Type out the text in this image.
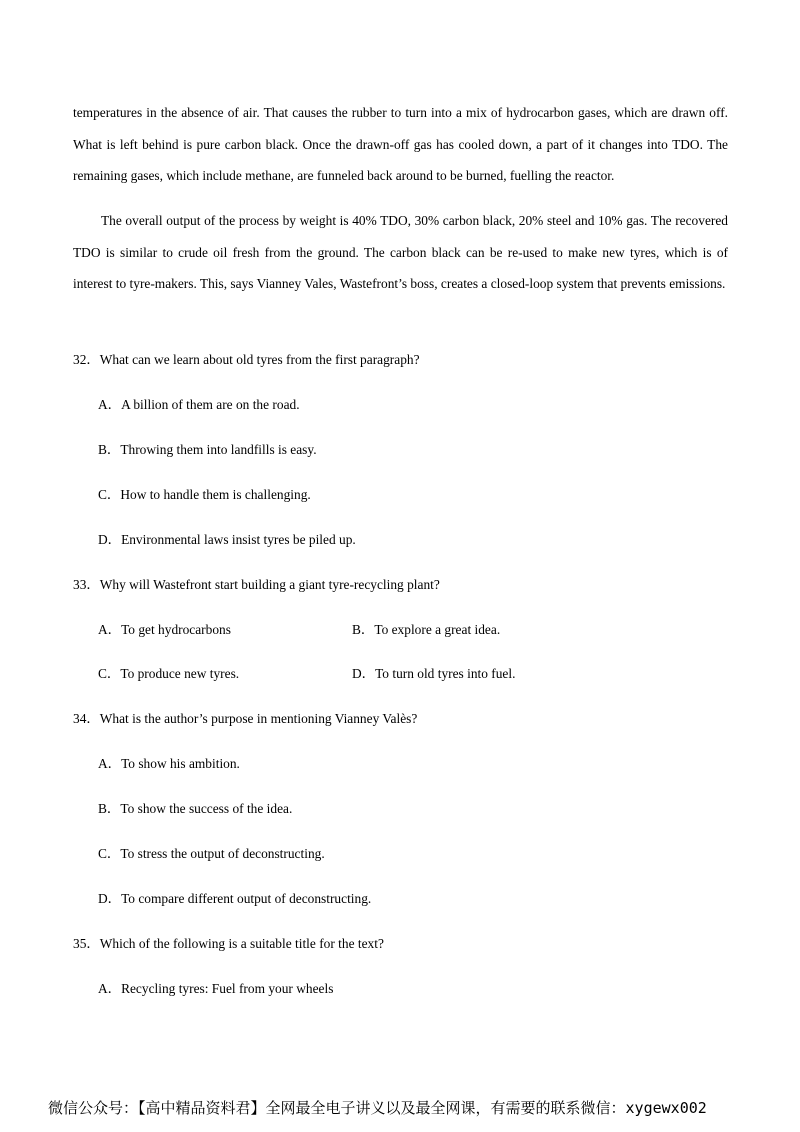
temperatures in the absence of air. That causes the rubber to turn into a mix of hydrocarbon gases, which are drawn off. What is left behind is pure carbon black. Once the drawn-off gas has cooled down, a part of it changes into TDO. The remaining gases, which include methane, are funneled back around to be burned, fuelling the reactor.

The overall output of the process by weight is 40% TDO, 30% carbon black, 20% steel and 10% gas. The recovered TDO is similar to crude oil fresh from the ground. The carbon black can be re-used to make new tyres, which is of interest to tyre-makers. This, says Vianney Vales, Wastefront’s boss, creates a closed-loop system that prevents emissions.

32．What can we learn about old tyres from the first paragraph?
A．A billion of them are on the road.
B．Throwing them into landfills is easy.
C．How to handle them is challenging.
D．Environmental laws insist tyres be piled up.
33．Why will Wastefront start building a giant tyre-recycling plant?
A．To get hydrocarbons	B．To explore a great idea.
C．To produce new tyres.	D．To turn old tyres into fuel.
34．What is the author’s purpose in mentioning Vianney Valès?
A．To show his ambition.
B．To show the success of the idea.
C．To stress the output of deconstructing.
D．To compare different output of deconstructing.
35．Which of the following is a suitable title for the text?
A．Recycling tyres: Fuel from your wheels
微信公众号：【高中精品资料君】全网最全电子讲义以及最全网课，有需要的联系微信：xygewx002
